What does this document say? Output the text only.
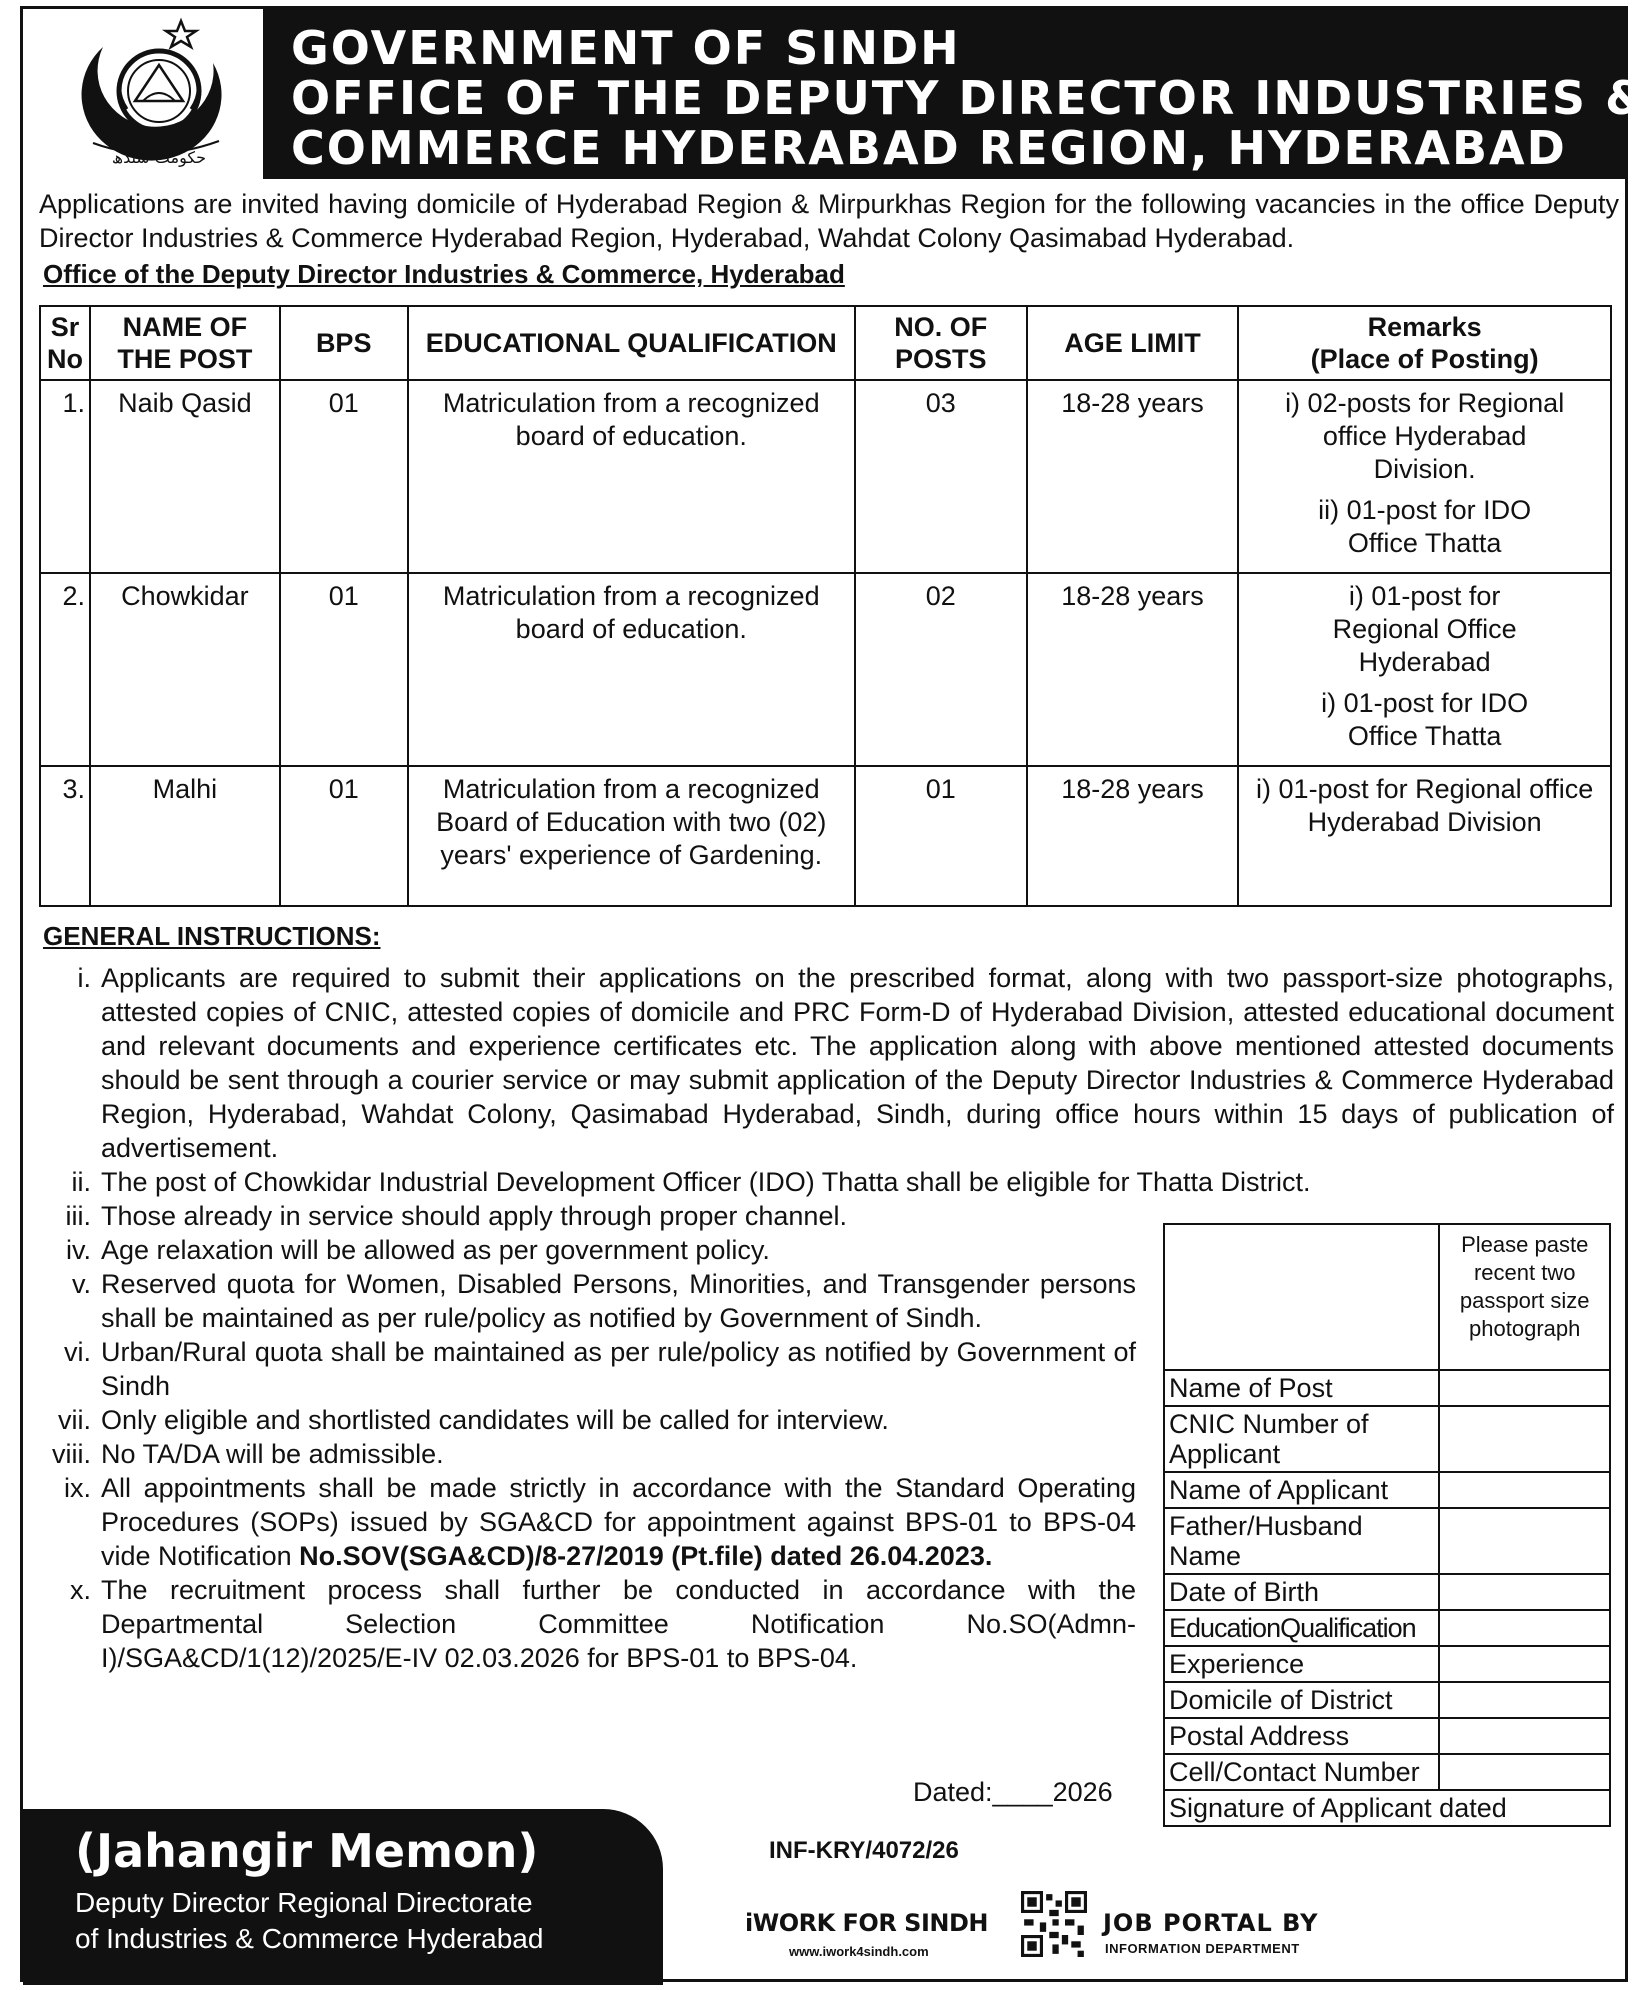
حکومت سندھ
GOVERNMENT OF SINDH
OFFICE OF THE DEPUTY DIRECTOR INDUSTRIES &
COMMERCE HYDERABAD REGION, HYDERABAD

Applications are invited having domicile of Hyderabad Region & Mirpurkhas Region for the following vacancies in the office Deputy Director Industries & Commerce Hyderabad Region, Hyderabad, Wahdat Colony Qasimabad Hyderabad.

Office of the Deputy Director Industries & Commerce, Hyderabad
Sr No	NAME OF THE POST	BPS	EDUCATIONAL QUALIFICATION	NO. OF POSTS	AGE LIMIT	Remarks
(Place of Posting)

1.	Naib Qasid	01	Matriculation from a recognized board of education.	03	18-28 years	i) 02-posts for Regional office Hyderabad Division.

ii) 01-post for IDO Office Thatta

2.	Chowkidar	01	Matriculation from a recognized board of education.	02	18-28 years	i) 01-post for Regional Office Hyderabad

i) 01-post for IDO Office Thatta

3.	Malhi	01	Matriculation from a recognized Board of Education with two (02) years' experience of Gardening.	01	18-28 years	i) 01-post for Regional office Hyderabad Division

GENERAL INSTRUCTIONS:
i. Applicants are required to submit their applications on the prescribed format, along with two passport-size photographs, attested copies of CNIC, attested copies of domicile and PRC Form-D of Hyderabad Division, attested educational document and relevant documents and experience certificates etc. The application along with above mentioned attested documents should be sent through a courier service or may submit application of the Deputy Director Industries & Commerce Hyderabad Region, Hyderabad, Wahdat Colony, Qasimabad Hyderabad, Sindh, during office hours within 15 days of publication of advertisement.
ii. The post of Chowkidar Industrial Development Officer (IDO) Thatta shall be eligible for Thatta District.
iii. Those already in service should apply through proper channel.
iv. Age relaxation will be allowed as per government policy.
v. Reserved quota for Women, Disabled Persons, Minorities, and Transgender persons shall be maintained as per rule/policy as notified by Government of Sindh.
vi. Urban/Rural quota shall be maintained as per rule/policy as notified by Government of Sindh
vii. Only eligible and shortlisted candidates will be called for interview.
viii. No TA/DA will be admissible.
ix. All appointments shall be made strictly in accordance with the Standard Operating Procedures (SOPs) issued by SGA&CD for appointment against BPS-01 to BPS-04 vide Notification No.SOV(SGA&CD)/8-27/2019 (Pt.file) dated 26.04.2023.
x. The recruitment process shall further be conducted in accordance with the Departmental Selection Committee Notification No.SO(Admn-I)/SGA&CD/1(12)/2025/E-IV 02.03.2026 for BPS-01 to BPS-04.
	Please paste recent two passport size photograph
Name of Post	
CNIC Number of Applicant	
Name of Applicant	
Father/Husband Name	
Date of Birth	
EducationQualification	
Experience	
Domicile of District	
Postal Address	
Cell/Contact Number	
Signature of Applicant dated	
Dated:____2026
(Jahangir Memon)
Deputy Director Regional Directorate
of Industries & Commerce Hyderabad
INF-KRY/4072/26
iWORK FOR SINDH
www.iwork4sindh.com
JOB PORTAL BY
INFORMATION DEPARTMENT
